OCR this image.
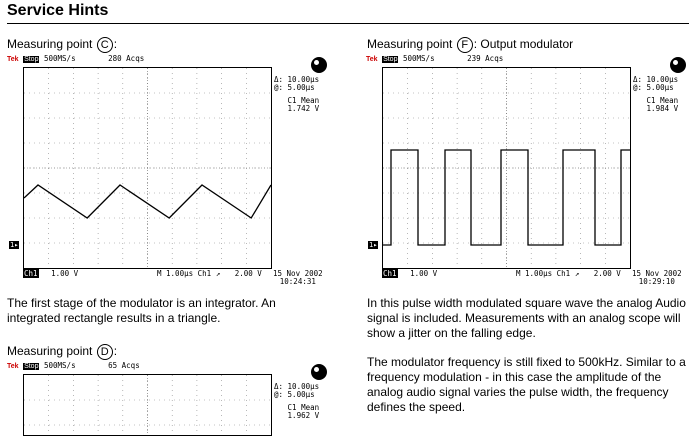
Service Hints
Measuring point C :
Tek Stop 500MS/s	280 Acqs
1▸
Δ: 10.00µs
@: 5.00µs
C1 Mean
1.742 V
Ch1 1.00 V	M 1.00µs Ch1 ↗ 2.00 V 15 Nov 2002
10:24:31
The first stage of the modulator is an integrator. An
integrated rectangle results in a triangle.
Measuring point D :
Tek Stop 500MS/s	65 Acqs
Δ: 10.00µs
@: 5.00µs
C1 Mean
1.962 V
Measuring point F : Output modulator
Tek Stop 500MS/s	239 Acqs
1▸
Δ: 10.00µs
@: 5.00µs
C1 Mean
1.984 V
Ch1 1.00 V	M 1.00µs Ch1 ↗ 2.00 V 15 Nov 2002
10:29:10
In this pulse width modulated square wave the analog Audio
signal is included. Measurements with an analog scope will
show a jitter on the falling edge.
The modulator frequency is still fixed to 500kHz. Similar to a
frequency modulation - in this case the amplitude of the
analog audio signal varies the pulse width, the frequency
defines the speed.
